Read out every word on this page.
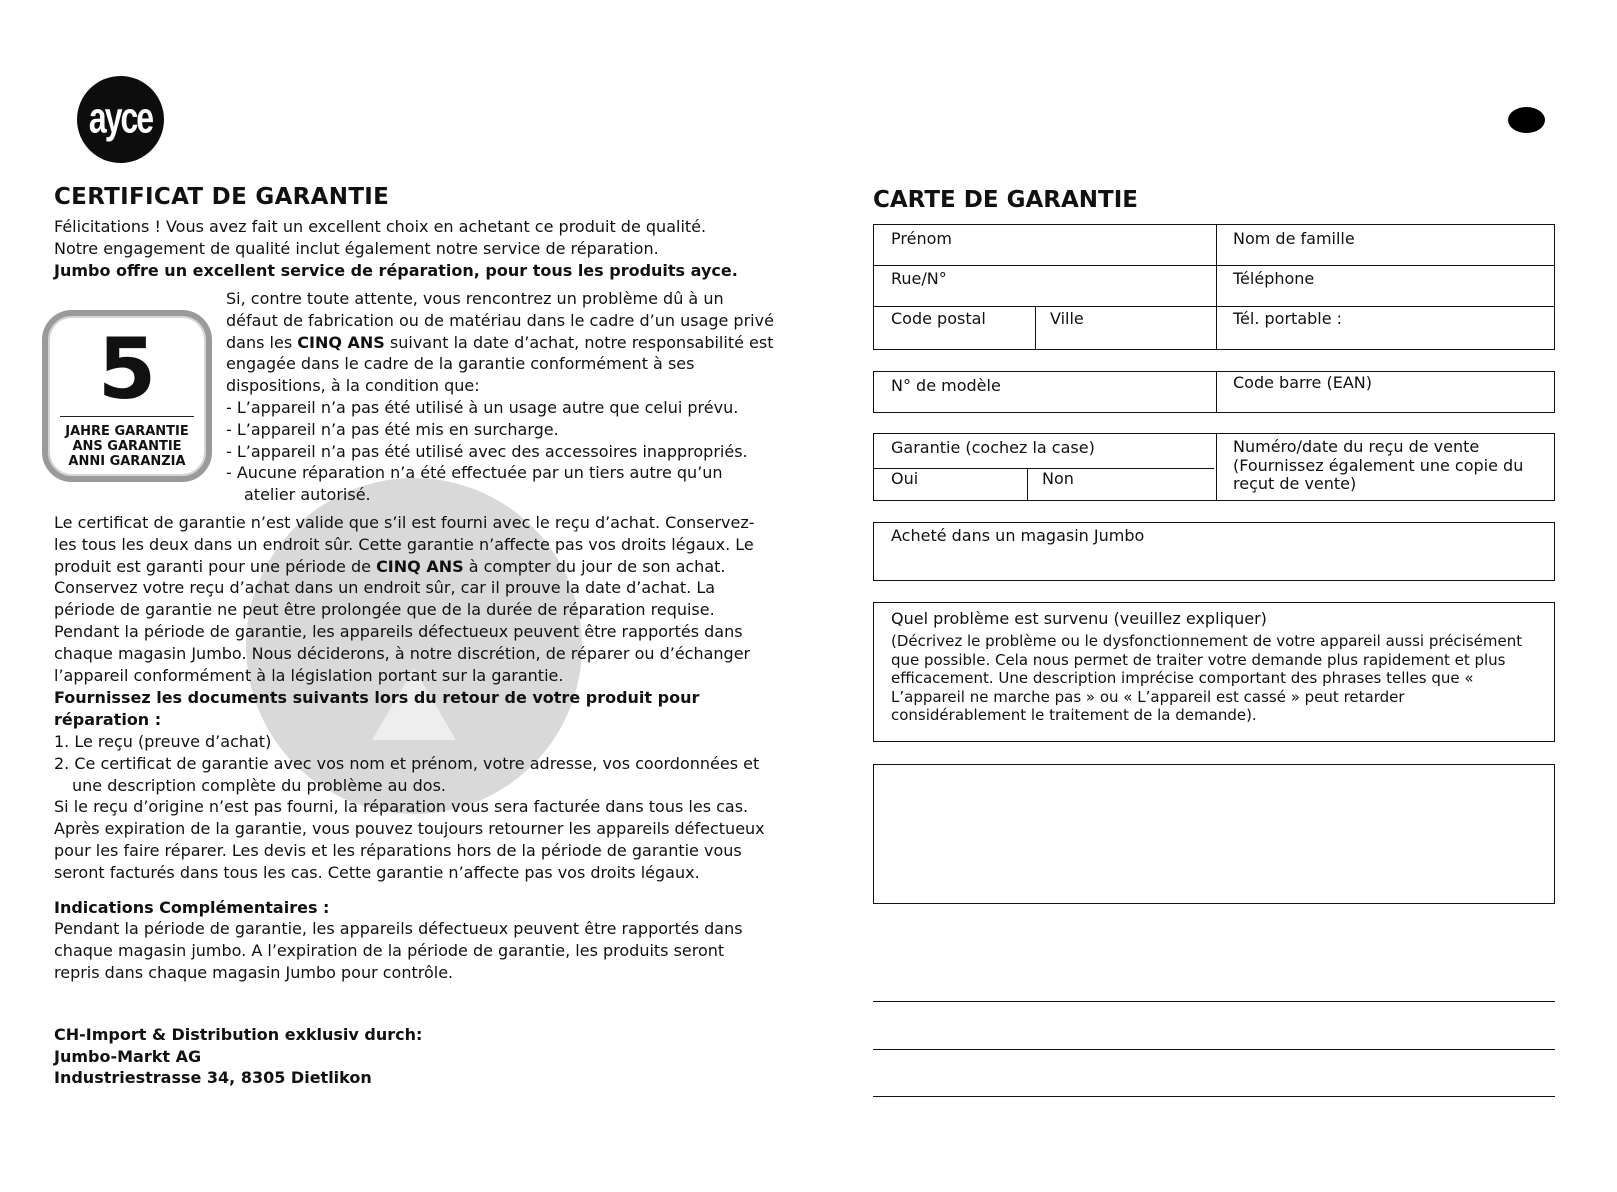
ayce
CERTIFICAT DE GARANTIE

Félicitations ! Vous avez fait un excellent choix en achetant ce produit de qualité.

Notre engagement de qualité inclut également notre service de réparation.

Jumbo offre un excellent service de réparation, pour tous les produits ayce.

5
JAHRE GARANTIE
ANS GARANTIE
ANNI GARANZIA

Si, contre toute attente, vous rencontrez un problème dû à un défaut de fabrication ou de matériau dans le cadre d’un usage privé dans les CINQ ANS suivant la date d’achat, notre responsabilité est engagée dans le cadre de la garantie conformément à ses dispositions, à la condition que:

- L’appareil n’a pas été utilisé à un usage autre que celui prévu.

- L’appareil n’a pas été mis en surcharge.

- L’appareil n’a pas été utilisé avec des accessoires inappropriés.

- Aucune réparation n’a été effectuée par un tiers autre qu’un atelier autorisé.

Le certificat de garantie n’est valide que s’il est fourni avec le reçu d’achat. Conservez-les tous les deux dans un endroit sûr. Cette garantie n’affecte pas vos droits légaux. Le produit est garanti pour une période de CINQ ANS à compter du jour de son achat. Conservez votre reçu d’achat dans un endroit sûr, car il prouve la date d’achat. La période de garantie ne peut être prolongée que de la durée de réparation requise. Pendant la période de garantie, les appareils défectueux peuvent être rapportés dans chaque magasin Jumbo. Nous déciderons, à notre discrétion, de réparer ou d’échanger l’appareil conformément à la législation portant sur la garantie.

Fournissez les documents suivants lors du retour de votre produit pour réparation :

1. Le reçu (preuve d’achat)

2. Ce certificat de garantie avec vos nom et prénom, votre adresse, vos coordonnées et une description complète du problème au dos.

Si le reçu d’origine n’est pas fourni, la réparation vous sera facturée dans tous les cas. Après expiration de la garantie, vous pouvez toujours retourner les appareils défectueux pour les faire réparer. Les devis et les réparations hors de la période de garantie vous seront facturés dans tous les cas. Cette garantie n’affecte pas vos droits légaux.

Indications Complémentaires :

Pendant la période de garantie, les appareils défectueux peuvent être rapportés dans chaque magasin jumbo. A l’expiration de la période de garantie, les produits seront repris dans chaque magasin Jumbo pour contrôle.

CH-Import & Distribution exklusiv durch:

Jumbo-Markt AG

Industriestrasse 34, 8305 Dietlikon

CARTE DE GARANTIE
Prénom	Nom de famille
Rue/N°	Téléphone
Code postal	Ville	Tél. portable :
N° de modèle	Code barre (EAN)
Garantie (cochez la case)
Oui	Non
Numéro/date du reçu de vente
(Fournissez également une copie du reçut de vente)
Acheté dans un magasin Jumbo
Quel problème est survenu (veuillez expliquer)
(Décrivez le problème ou le dysfonctionnement de votre appareil aussi précisément que possible. Cela nous permet de traiter votre demande plus rapidement et plus efficacement. Une description imprécise comportant des phrases telles que « L’appareil ne marche pas » ou « L’appareil est cassé » peut retarder considérablement le traitement de la demande).
